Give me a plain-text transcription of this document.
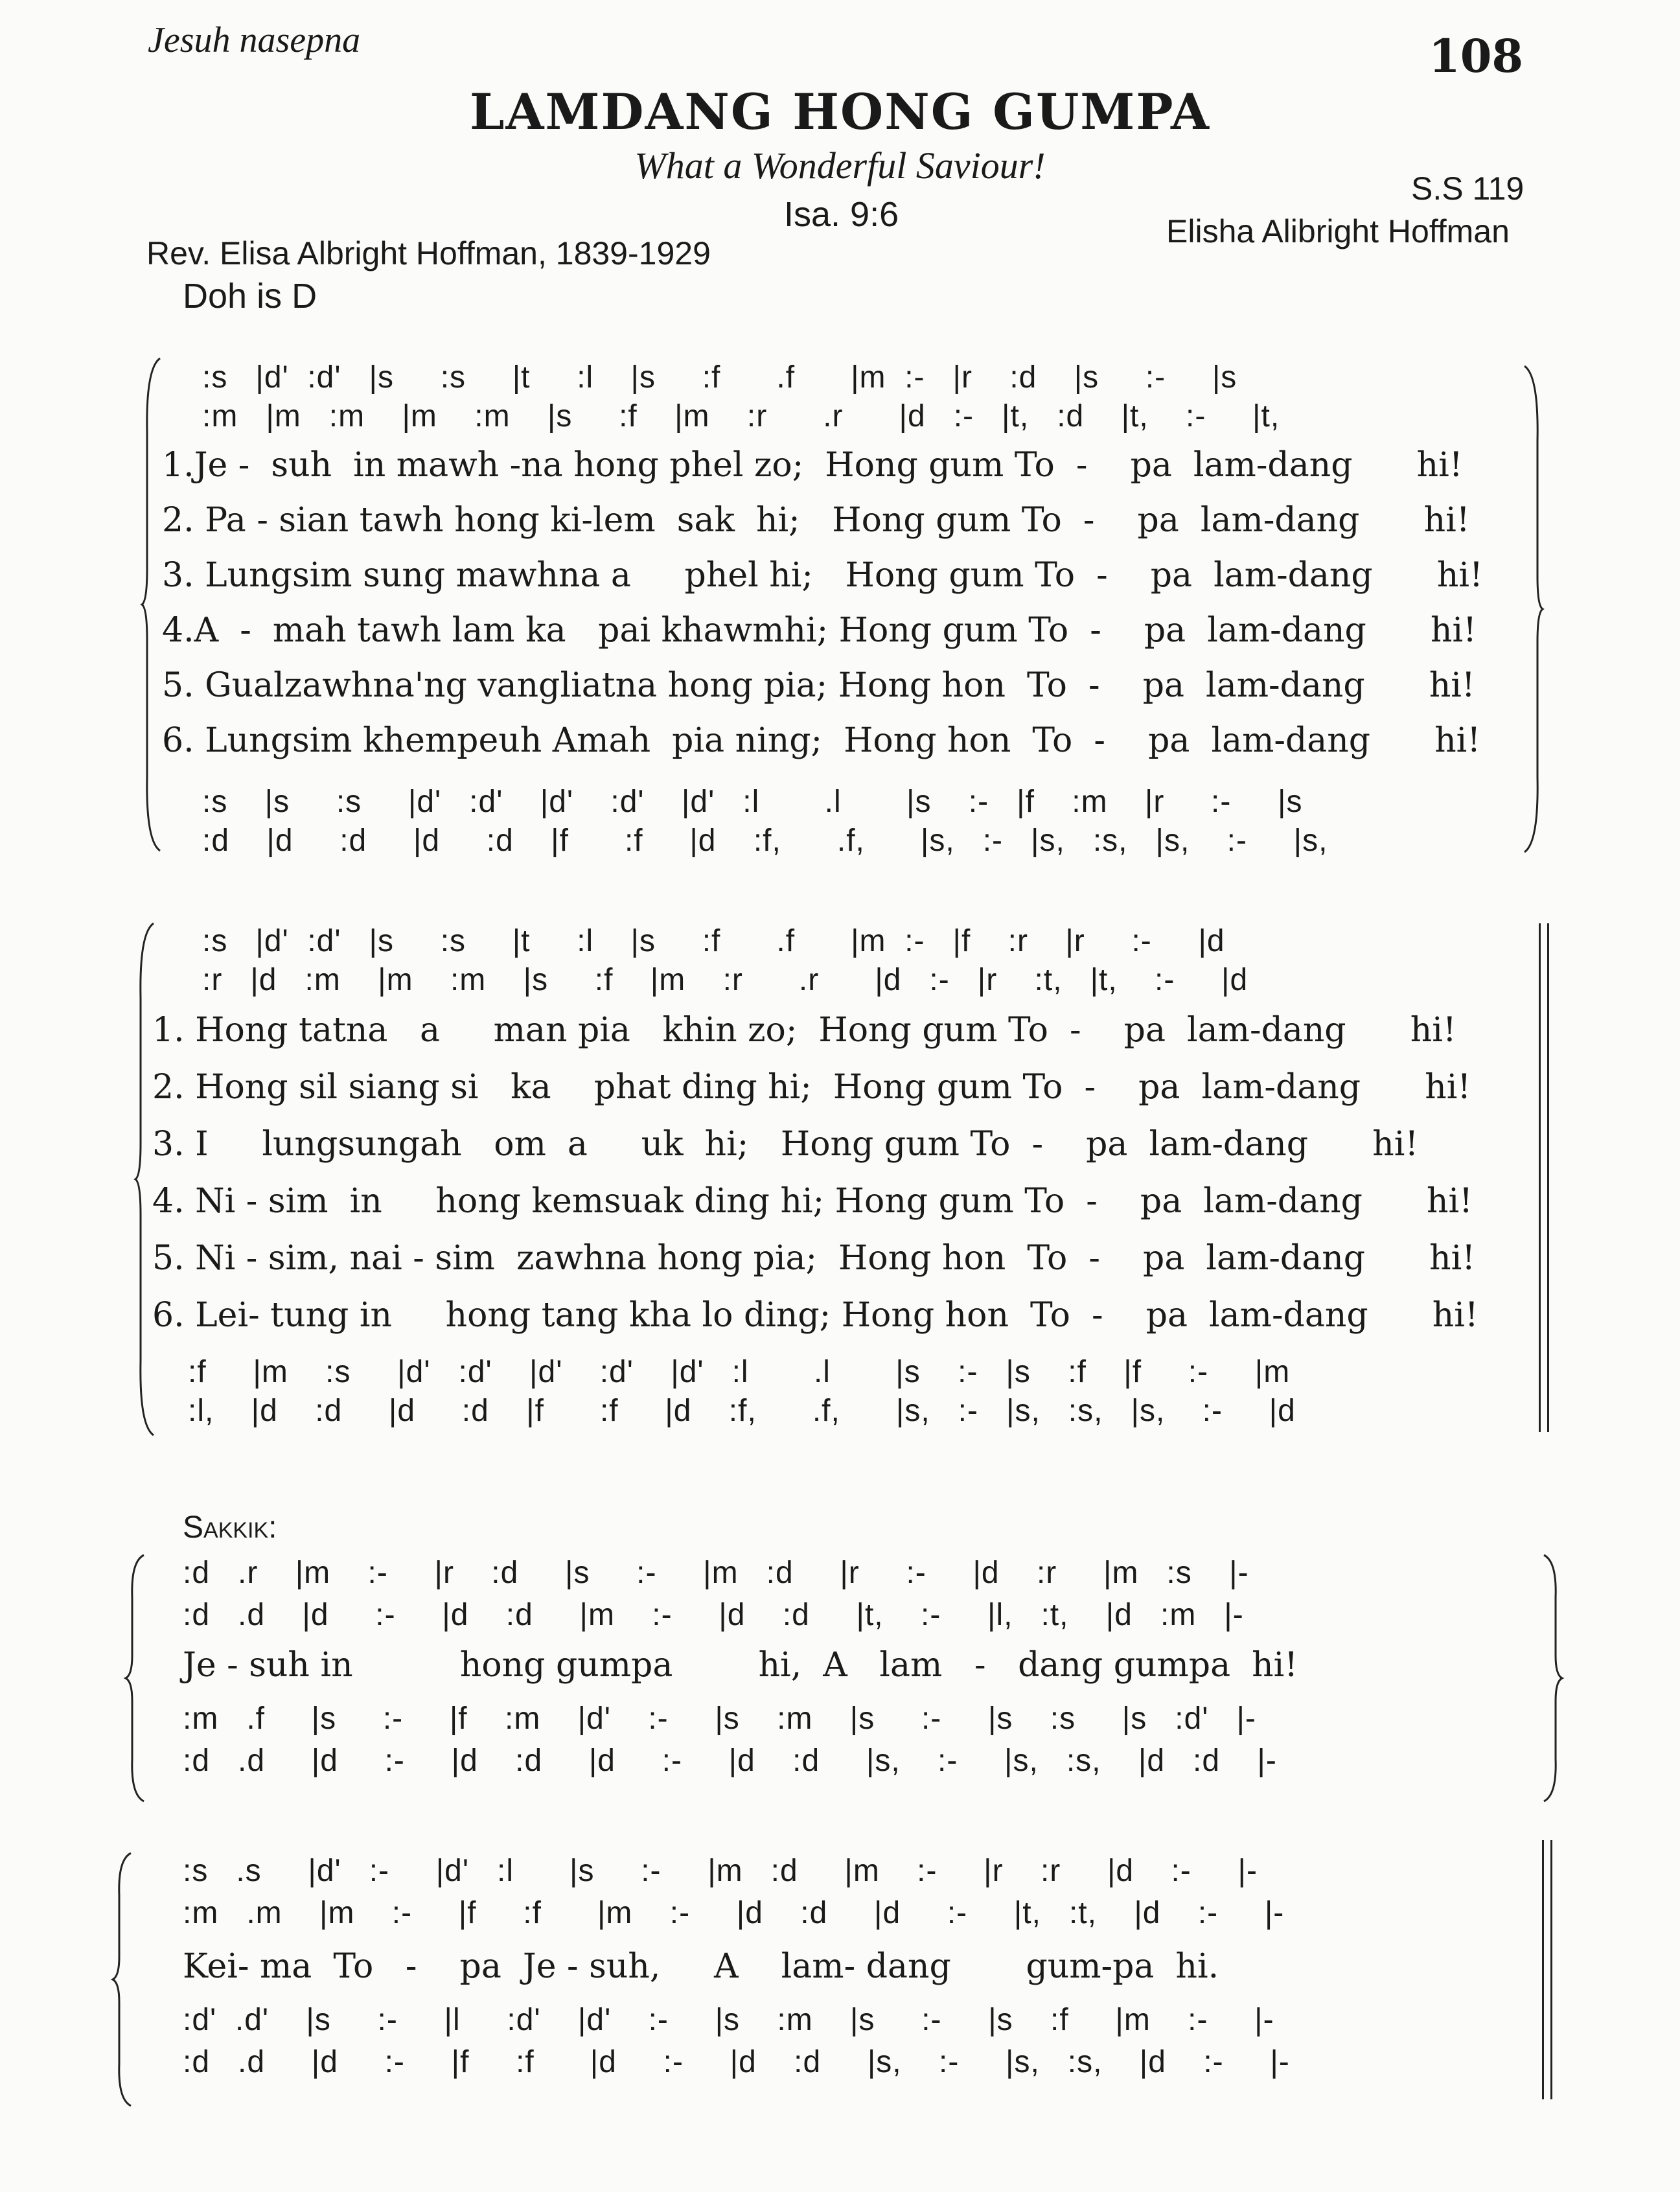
Jesuh nasepna	108
LAMDANG HONG GUMPA
What a Wonderful Saviour!
Isa. 9:6
S.S 119
Elisha Alibright Hoffman
Rev. Elisa Albright Hoffman, 1839-1929
Doh is D
:s   |d'  :d'   |s     :s     |t     :l    |s     :f      .f      |m  :-   |r    :d    |s     :-     |s
:m   |m   :m    |m    :m    |s     :f    |m    :r      .r      |d   :-   |t,   :d    |t,    :-     |t,
1.Je -  suh  in mawh -na hong phel zo;  Hong gum To  -    pa  lam-dang      hi!
2. Pa - sian tawh hong ki-lem  sak  hi;   Hong gum To  -    pa  lam-dang      hi!
3. Lungsim sung mawhna a     phel hi;   Hong gum To  -    pa  lam-dang      hi!
4.A  -  mah tawh lam ka   pai khawmhi; Hong gum To  -    pa  lam-dang      hi!
5. Gualzawhna'ng vangliatna hong pia; Hong hon  To  -    pa  lam-dang      hi!
6. Lungsim khempeuh Amah  pia ning;  Hong hon  To  -    pa  lam-dang      hi!
:s    |s     :s     |d'   :d'    |d'    :d'    |d'   :l       .l       |s    :-   |f    :m    |r     :-     |s
:d    |d     :d     |d     :d    |f      :f     |d    :f,      .f,      |s,   :-   |s,   :s,   |s,    :-     |s,
:s   |d'  :d'   |s     :s     |t     :l    |s     :f      .f      |m  :-   |f    :r    |r     :-     |d
:r   |d   :m    |m    :m    |s     :f    |m    :r      .r      |d   :-   |r    :t,   |t,    :-     |d
1. Hong tatna   a     man pia   khin zo;  Hong gum To  -    pa  lam-dang      hi!
2. Hong sil siang si   ka    phat ding hi;  Hong gum To  -    pa  lam-dang      hi!
3. I     lungsungah   om  a     uk  hi;   Hong gum To  -    pa  lam-dang      hi!
4. Ni - sim  in     hong kemsuak ding hi; Hong gum To  -    pa  lam-dang      hi!
5. Ni - sim, nai - sim  zawhna hong pia;  Hong hon  To  -    pa  lam-dang      hi!
6. Lei- tung in     hong tang kha lo ding; Hong hon  To  -    pa  lam-dang      hi!
:f     |m    :s     |d'   :d'    |d'    :d'    |d'   :l       .l       |s    :-   |s    :f    |f     :-     |m
:l,    |d    :d     |d     :d    |f      :f     |d    :f,      .f,      |s,   :-   |s,   :s,   |s,    :-     |d
Sakkik:
:d   .r    |m    :-     |r    :d     |s     :-     |m   :d     |r     :-     |d    :r     |m   :s    |-
:d   .d    |d     :-     |d    :d     |m    :-     |d    :d     |t,    :-     |l,   :t,    |d   :m   |-
Je - suh in          hong gumpa        hi,  A   lam   -   dang gumpa  hi!
:m   .f     |s     :-     |f    :m    |d'    :-     |s    :m    |s     :-     |s    :s     |s   :d'   |-
:d   .d     |d     :-     |d    :d     |d     :-     |d    :d     |s,    :-     |s,   :s,    |d   :d    |-
:s   .s     |d'   :-     |d'   :l      |s     :-     |m   :d     |m    :-     |r    :r     |d    :-     |-
:m   .m    |m    :-     |f     :f      |m    :-     |d    :d     |d     :-     |t,   :t,    |d    :-     |-
Kei- ma  To   -    pa  Je - suh,     A    lam- dang       gum-pa  hi.
:d'  .d'    |s     :-     |l     :d'    |d'    :-     |s    :m    |s     :-     |s    :f     |m    :-     |-
:d   .d     |d     :-     |f     :f      |d     :-     |d    :d     |s,    :-     |s,   :s,    |d    :-     |-
